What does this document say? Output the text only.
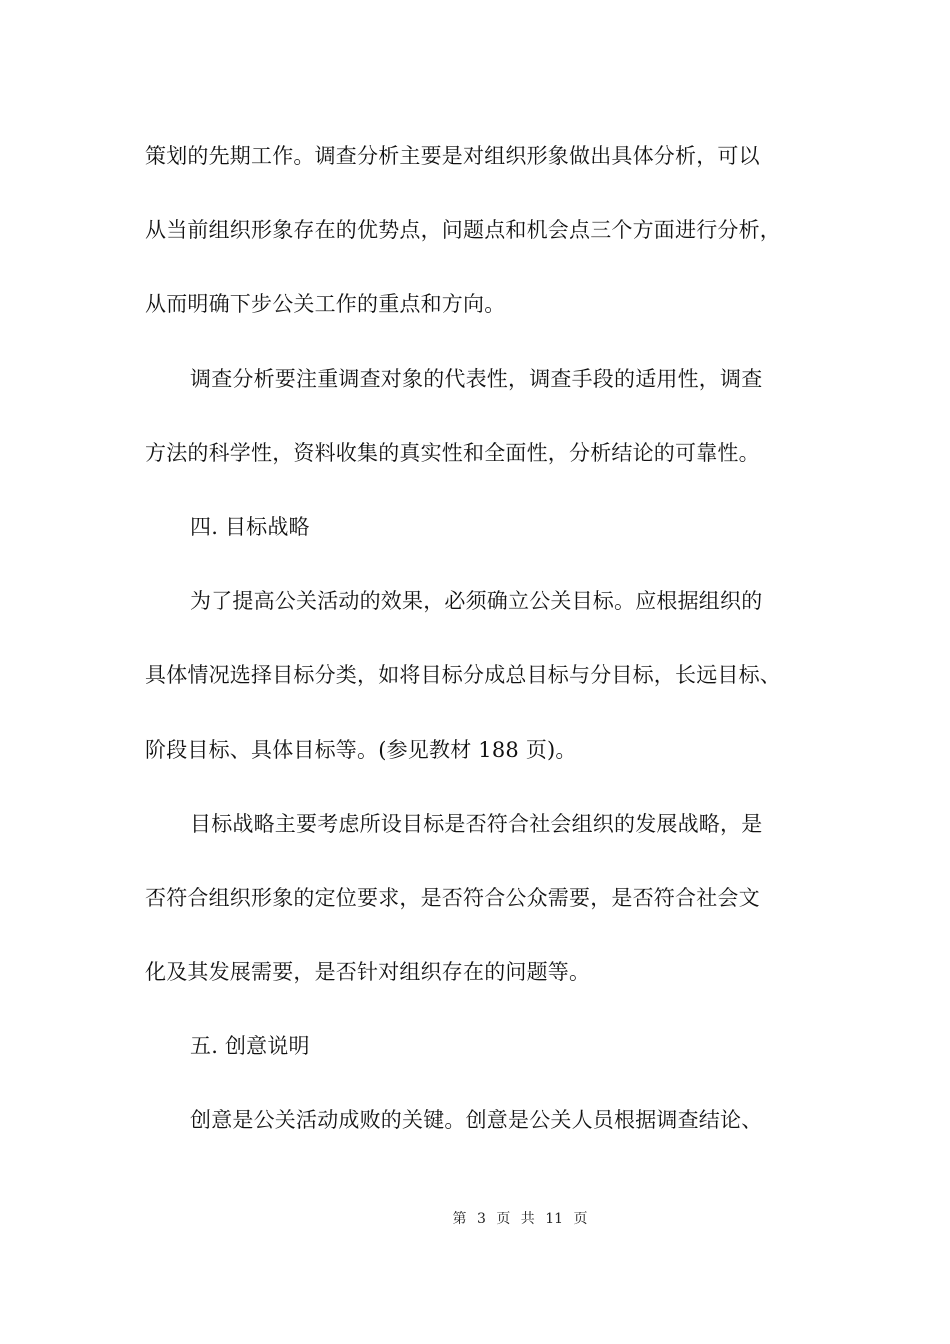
策划的先期工作。调查分析主要是对组织形象做出具体分析，可以
从当前组织形象存在的优势点，问题点和机会点三个方面进行分析，
从而明确下步公关工作的重点和方向。
调查分析要注重调查对象的代表性，调查手段的适用性，调查
方法的科学性，资料收集的真实性和全面性，分析结论的可靠性。
四. 目标战略
为了提高公关活动的效果，必须确立公关目标。应根据组织的
具体情况选择目标分类，如将目标分成总目标与分目标，长远目标、
阶段目标、具体目标等。(参见教材 188 页)。
目标战略主要考虑所设目标是否符合社会组织的发展战略，是
否符合组织形象的定位要求，是否符合公众需要，是否符合社会文
化及其发展需要，是否针对组织存在的问题等。
五. 创意说明
创意是公关活动成败的关键。创意是公关人员根据调查结论、
第 3 页 共 11 页
